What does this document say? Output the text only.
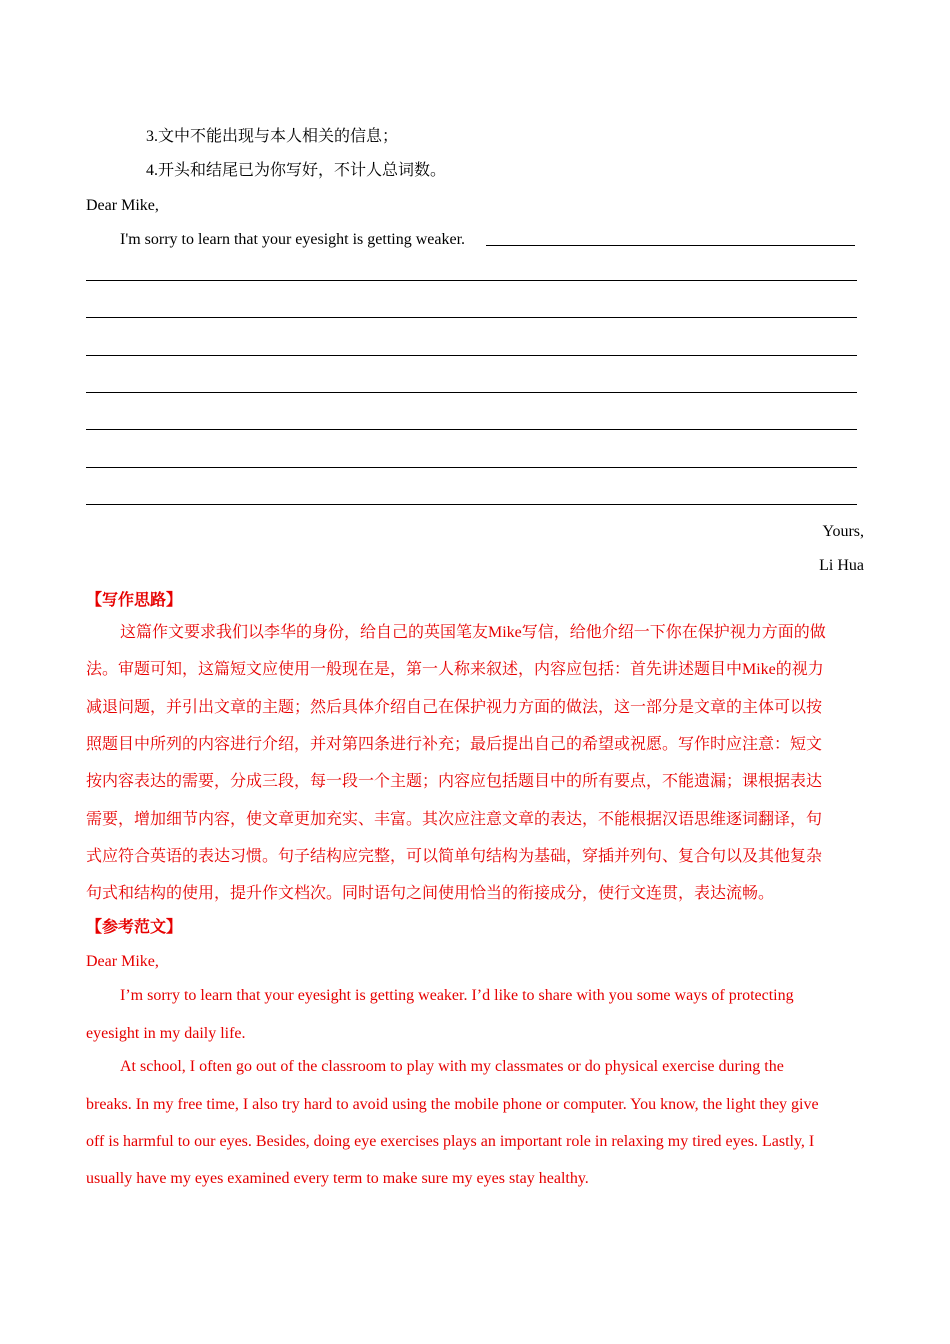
3.文中不能出现与本人相关的信息；
4.开头和结尾已为你写好，不计人总词数。
Dear Mike,
I'm sorry to learn that your eyesight is getting weaker.
Yours,
Li Hua
【写作思路】
这篇作文要求我们以李华的身份，给自己的英国笔友Mike写信，给他介绍一下你在保护视力方面的做
法。审题可知，这篇短文应使用一般现在是，第一人称来叙述，内容应包括：首先讲述题目中Mike的视力
减退问题，并引出文章的主题；然后具体介绍自己在保护视力方面的做法，这一部分是文章的主体可以按
照题目中所列的内容进行介绍，并对第四条进行补充；最后提出自己的希望或祝愿。写作时应注意：短文
按内容表达的需要，分成三段，每一段一个主题；内容应包括题目中的所有要点，不能遗漏；课根据表达
需要，增加细节内容，使文章更加充实、丰富。其次应注意文章的表达，不能根据汉语思维逐词翻译，句
式应符合英语的表达习惯。句子结构应完整，可以简单句结构为基础，穿插并列句、复合句以及其他复杂
句式和结构的使用，提升作文档次。同时语句之间使用恰当的衔接成分，使行文连贯，表达流畅。
【参考范文】
Dear Mike,
I’m sorry to learn that your eyesight is getting weaker. I’d like to share with you some ways of protecting
eyesight in my daily life.
At school, I often go out of the classroom to play with my classmates or do physical exercise during the
breaks. In my free time, I also try hard to avoid using the mobile phone or computer. You know, the light they give
off is harmful to our eyes. Besides, doing eye exercises plays an important role in relaxing my tired eyes. Lastly, I
usually have my eyes examined every term to make sure my eyes stay healthy.
